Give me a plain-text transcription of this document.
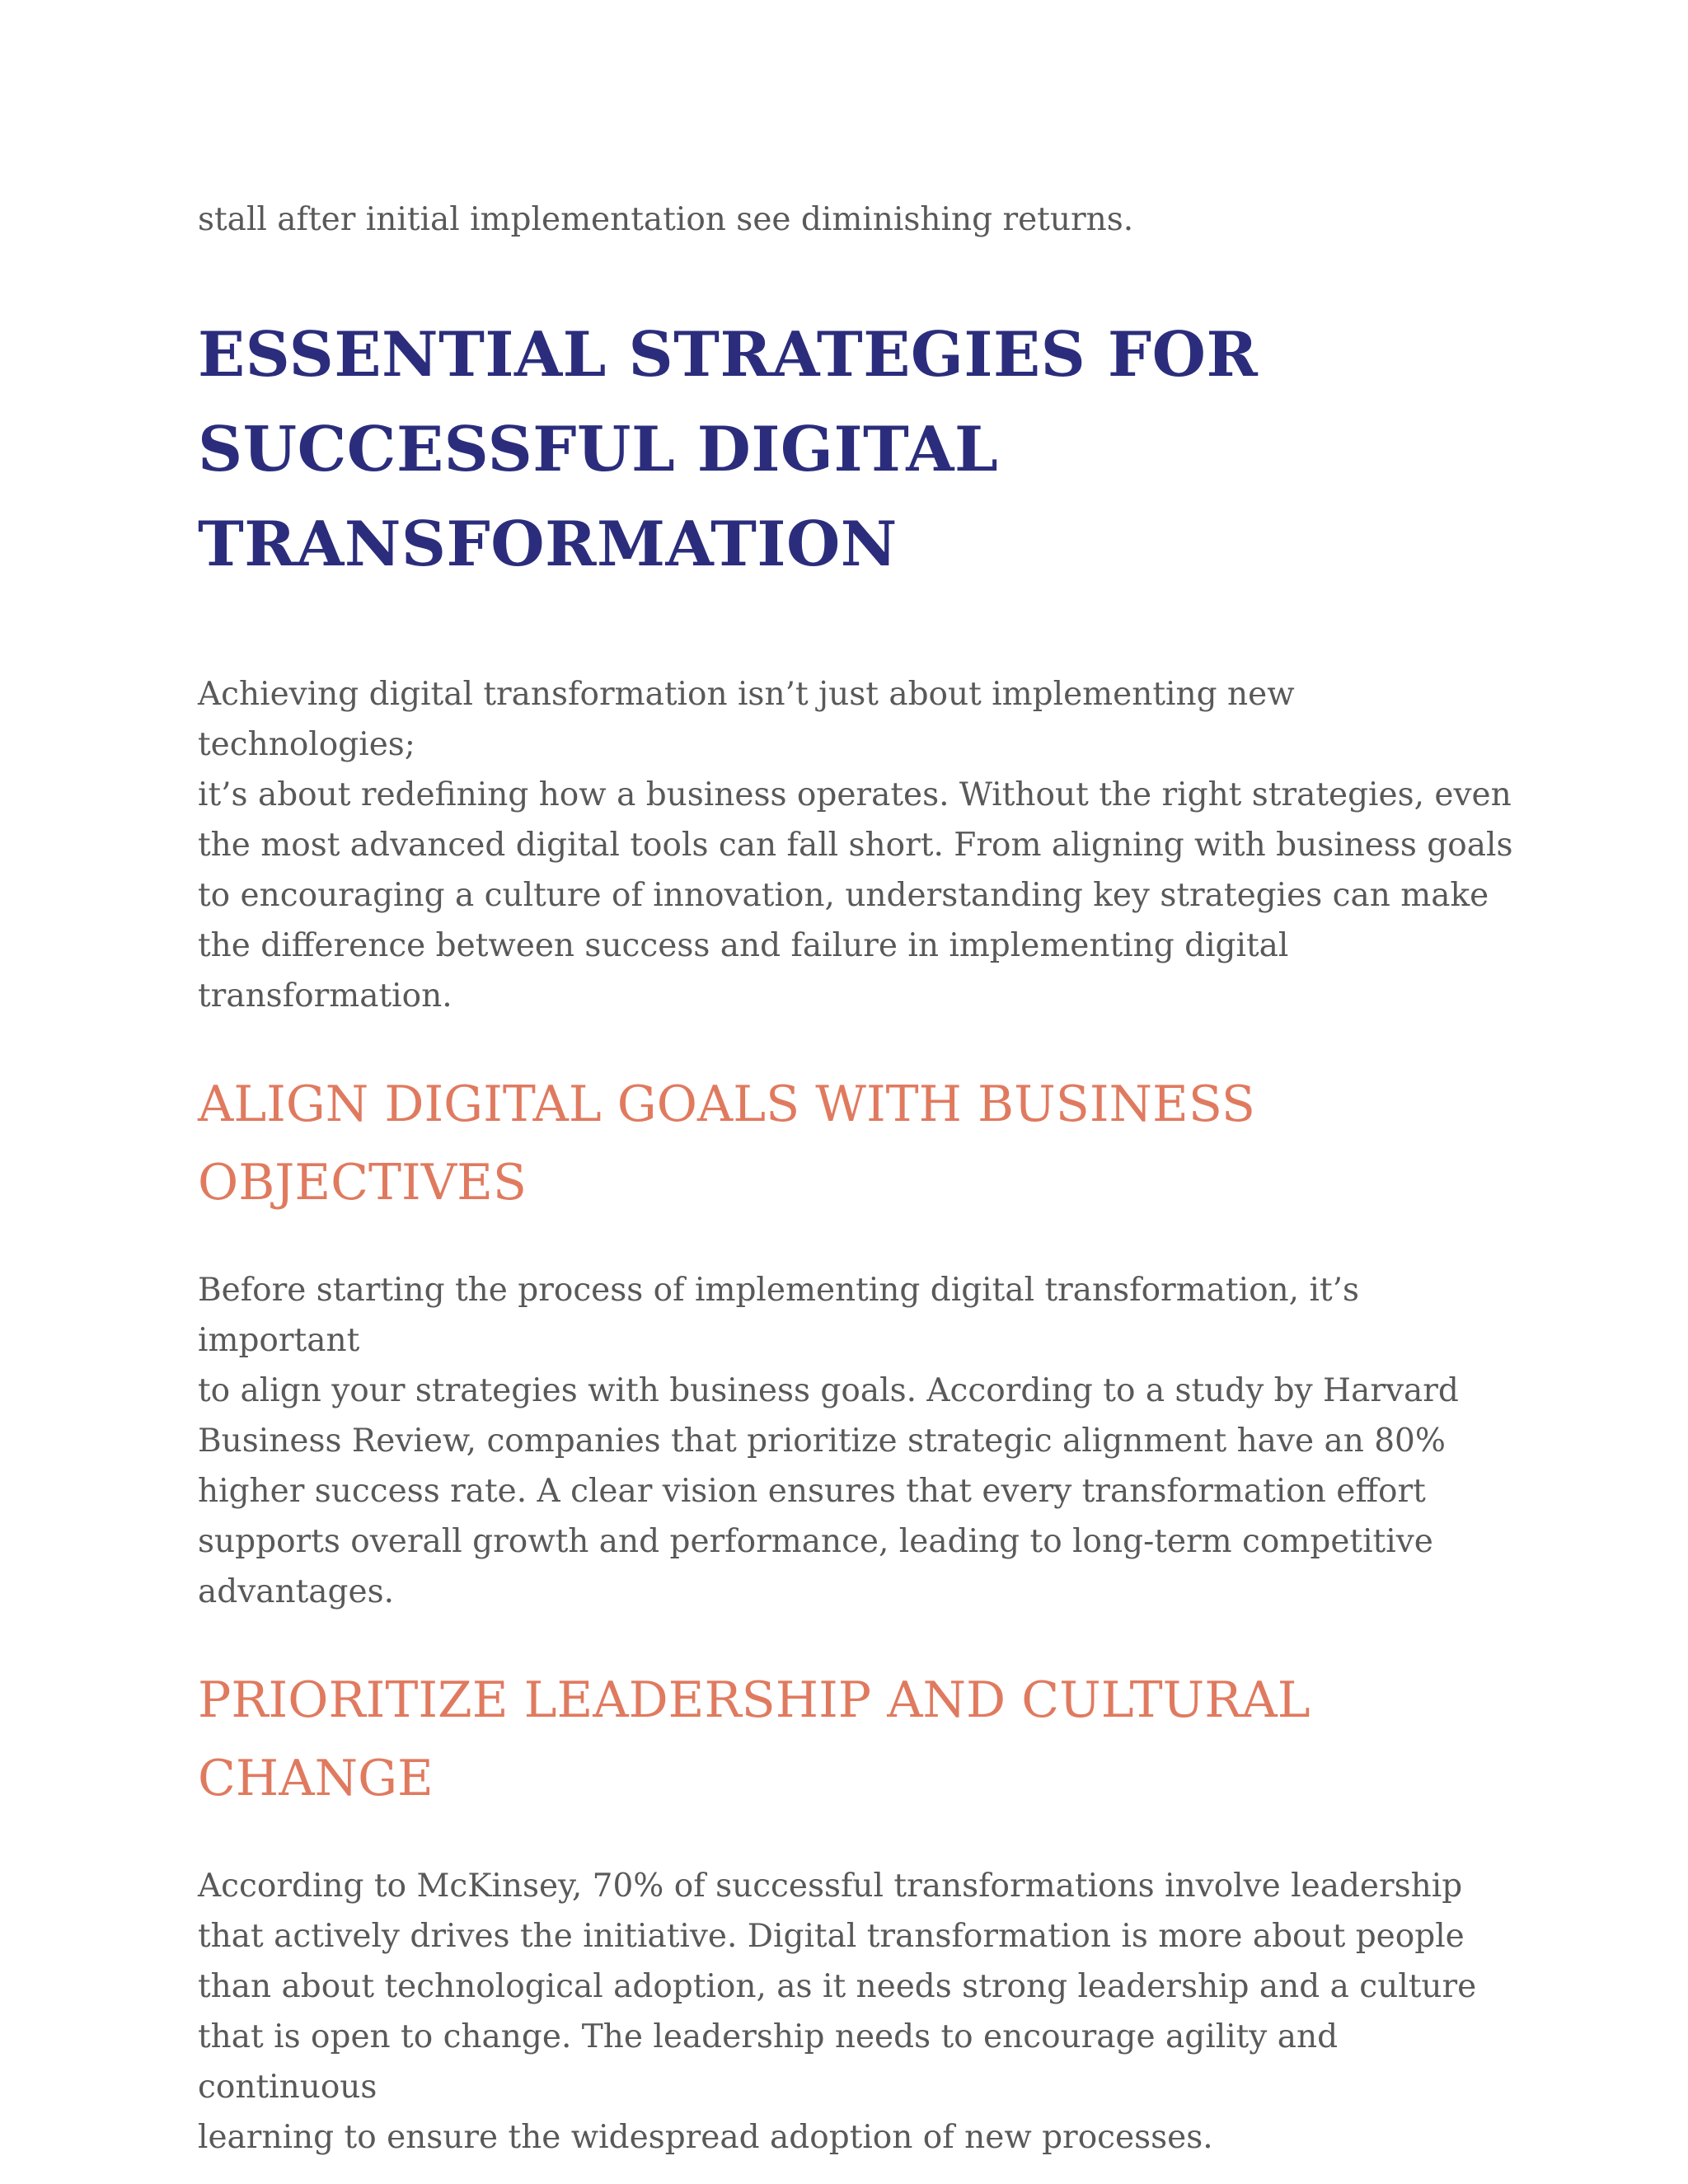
stall after initial implementation see diminishing returns.

ESSENTIAL STRATEGIES FOR
SUCCESSFUL DIGITAL
TRANSFORMATION

Achieving digital transformation isn’t just about implementing new technologies;
it’s about redefining how a business operates. Without the right strategies, even
the most advanced digital tools can fall short. From aligning with business goals
to encouraging a culture of innovation, understanding key strategies can make
the difference between success and failure in implementing digital
transformation.

ALIGN DIGITAL GOALS WITH BUSINESS
OBJECTIVES

Before starting the process of implementing digital transformation, it’s important
to align your strategies with business goals. According to a study by Harvard
Business Review, companies that prioritize strategic alignment have an 80%
higher success rate. A clear vision ensures that every transformation effort
supports overall growth and performance, leading to long-term competitive
advantages.

PRIORITIZE LEADERSHIP AND CULTURAL CHANGE

According to McKinsey, 70% of successful transformations involve leadership
that actively drives the initiative. Digital transformation is more about people
than about technological adoption, as it needs strong leadership and a culture
that is open to change. The leadership needs to encourage agility and continuous
learning to ensure the widespread adoption of new processes.
